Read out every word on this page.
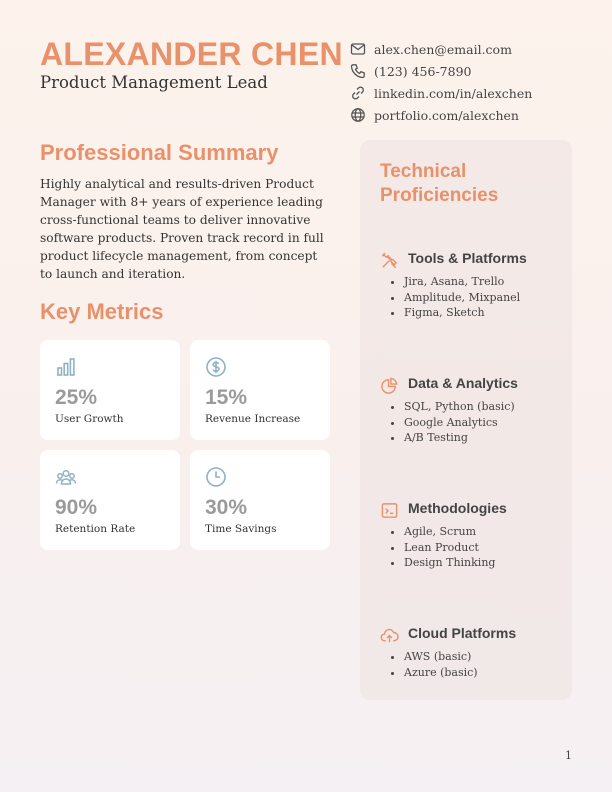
ALEXANDER CHEN
Product Management Lead
alex.chen@email.com
(123) 456-7890
linkedin.com/in/alexchen
portfolio.com/alexchen
Professional Summary
Highly analytical and results-driven Product Manager with 8+ years of experience leading cross-functional teams to deliver innovative software products. Proven track record in full product lifecycle management, from concept to launch and iteration.
Key Metrics
25%
User Growth
15%
Revenue Increase
90%
Retention Rate
30%
Time Savings
Technical Proficiencies
Tools & Platforms
• Jira, Asana, Trello
• Amplitude, Mixpanel
• Figma, Sketch
Data & Analytics
• SQL, Python (basic)
• Google Analytics
• A/B Testing
Methodologies
• Agile, Scrum
• Lean Product
• Design Thinking
Cloud Platforms
• AWS (basic)
• Azure (basic)
1
